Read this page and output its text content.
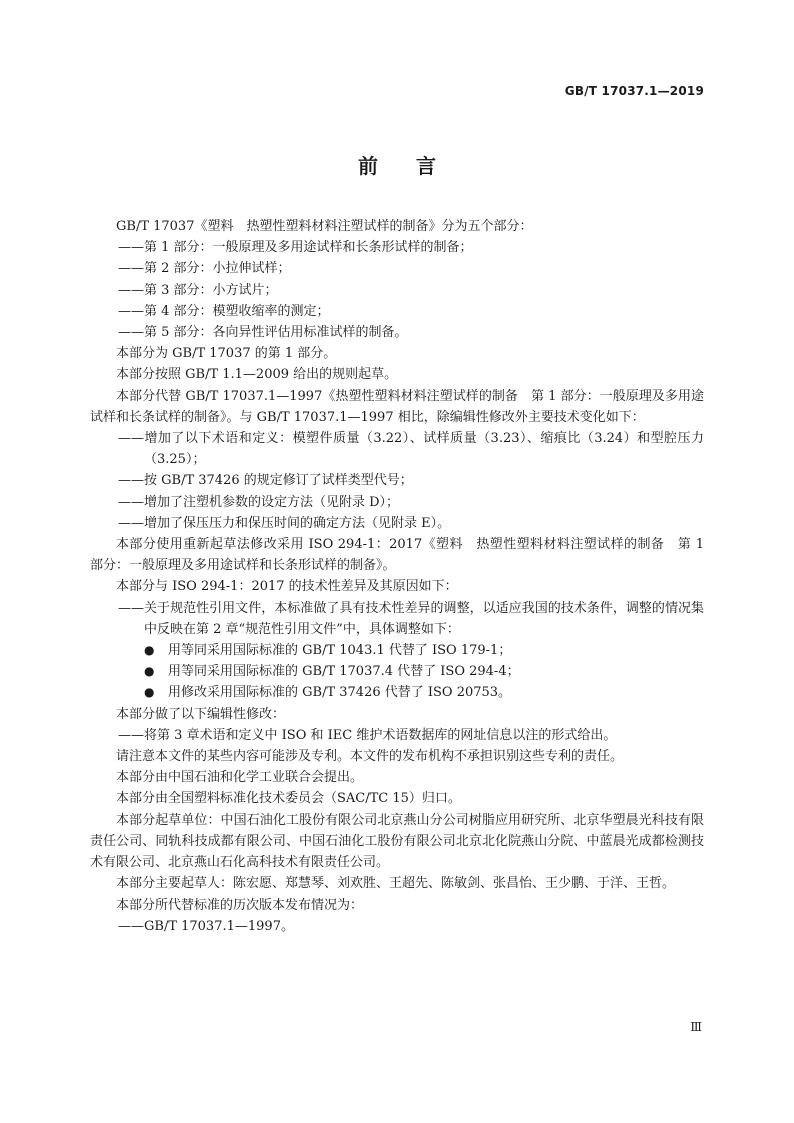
GB/T 17037.1—2019
前言

GB/T 17037《塑料　热塑性塑料材料注塑试样的制备》分为五个部分：

——第 1 部分：一般原理及多用途试样和长条形试样的制备；

——第 2 部分：小拉伸试样；

——第 3 部分：小方试片；

——第 4 部分：模塑收缩率的测定；

——第 5 部分：各向异性评估用标准试样的制备。

本部分为 GB/T 17037 的第 1 部分。

本部分按照 GB/T 1.1—2009 给出的规则起草。

本部分代替 GB/T 17037.1—1997《热塑性塑料材料注塑试样的制备　第 1 部分：一般原理及多用途试样和长条试样的制备》。与 GB/T 17037.1—1997 相比，除编辑性修改外主要技术变化如下：

——增加了以下术语和定义：模塑件质量（3.22）、试样质量（3.23）、缩痕比（3.24）和型腔压力（3.25）；

——按 GB/T 37426 的规定修订了试样类型代号；

——增加了注塑机参数的设定方法（见附录 D）；

——增加了保压压力和保压时间的确定方法（见附录 E）。

本部分使用重新起草法修改采用 ISO 294-1：2017《塑料　热塑性塑料材料注塑试样的制备　第 1 部分：一般原理及多用途试样和长条形试样的制备》。

本部分与 ISO 294-1：2017 的技术性差异及其原因如下：

——关于规范性引用文件，本标准做了具有技术性差异的调整，以适应我国的技术条件，调整的情况集中反映在第 2 章“规范性引用文件”中，具体调整如下：

● 用等同采用国际标准的 GB/T 1043.1 代替了 ISO 179-1；

● 用等同采用国际标准的 GB/T 17037.4 代替了 ISO 294-4；

● 用修改采用国际标准的 GB/T 37426 代替了 ISO 20753。

本部分做了以下编辑性修改：

——将第 3 章术语和定义中 ISO 和 IEC 维护术语数据库的网址信息以注的形式给出。

请注意本文件的某些内容可能涉及专利。本文件的发布机构不承担识别这些专利的责任。

本部分由中国石油和化学工业联合会提出。

本部分由全国塑料标准化技术委员会（SAC/TC 15）归口。

本部分起草单位：中国石油化工股份有限公司北京燕山分公司树脂应用研究所、北京华塑晨光科技有限责任公司、同轨科技成都有限公司、中国石油化工股份有限公司北京北化院燕山分院、中蓝晨光成都检测技术有限公司、北京燕山石化高科技术有限责任公司。

本部分主要起草人：陈宏愿、郑慧琴、刘欢胜、王超先、陈敏剑、张昌怡、王少鹏、于洋、王哲。

本部分所代替标准的历次版本发布情况为：

——GB/T 17037.1—1997。

Ⅲ
